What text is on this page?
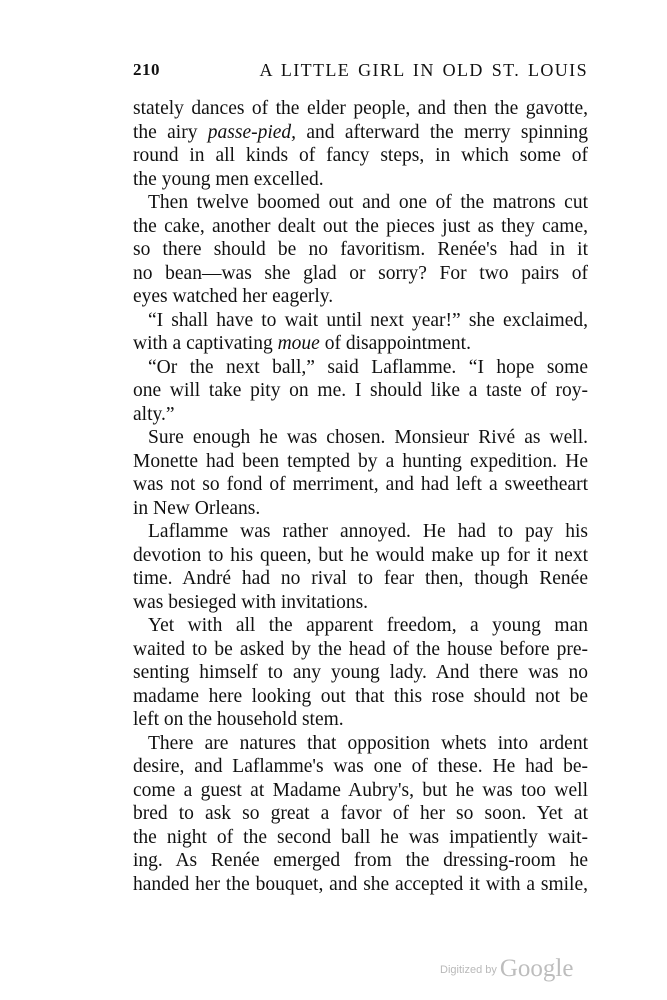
210	A LITTLE GIRL IN OLD ST. LOUIS
stately dances of the elder people, and then the gavotte,
the airy passe-pied, and afterward the merry spinning
round in all kinds of fancy steps, in which some of
the young men excelled.
Then twelve boomed out and one of the matrons cut
the cake, another dealt out the pieces just as they came,
so there should be no favoritism. Renée's had in it
no bean—was she glad or sorry? For two pairs of
eyes watched her eagerly.
“I shall have to wait until next year!” she exclaimed,
with a captivating moue of disappointment.
“Or the next ball,” said Laflamme. “I hope some
one will take pity on me. I should like a taste of roy-
alty.”
Sure enough he was chosen. Monsieur Rivé as well.
Monette had been tempted by a hunting expedition. He
was not so fond of merriment, and had left a sweetheart
in New Orleans.
Laflamme was rather annoyed. He had to pay his
devotion to his queen, but he would make up for it next
time. André had no rival to fear then, though Renée
was besieged with invitations.
Yet with all the apparent freedom, a young man
waited to be asked by the head of the house before pre-
senting himself to any young lady. And there was no
madame here looking out that this rose should not be
left on the household stem.
There are natures that opposition whets into ardent
desire, and Laflamme's was one of these. He had be-
come a guest at Madame Aubry's, but he was too well
bred to ask so great a favor of her so soon. Yet at
the night of the second ball he was impatiently wait-
ing. As Renée emerged from the dressing-room he
handed her the bouquet, and she accepted it with a smile,
Digitized by Google
